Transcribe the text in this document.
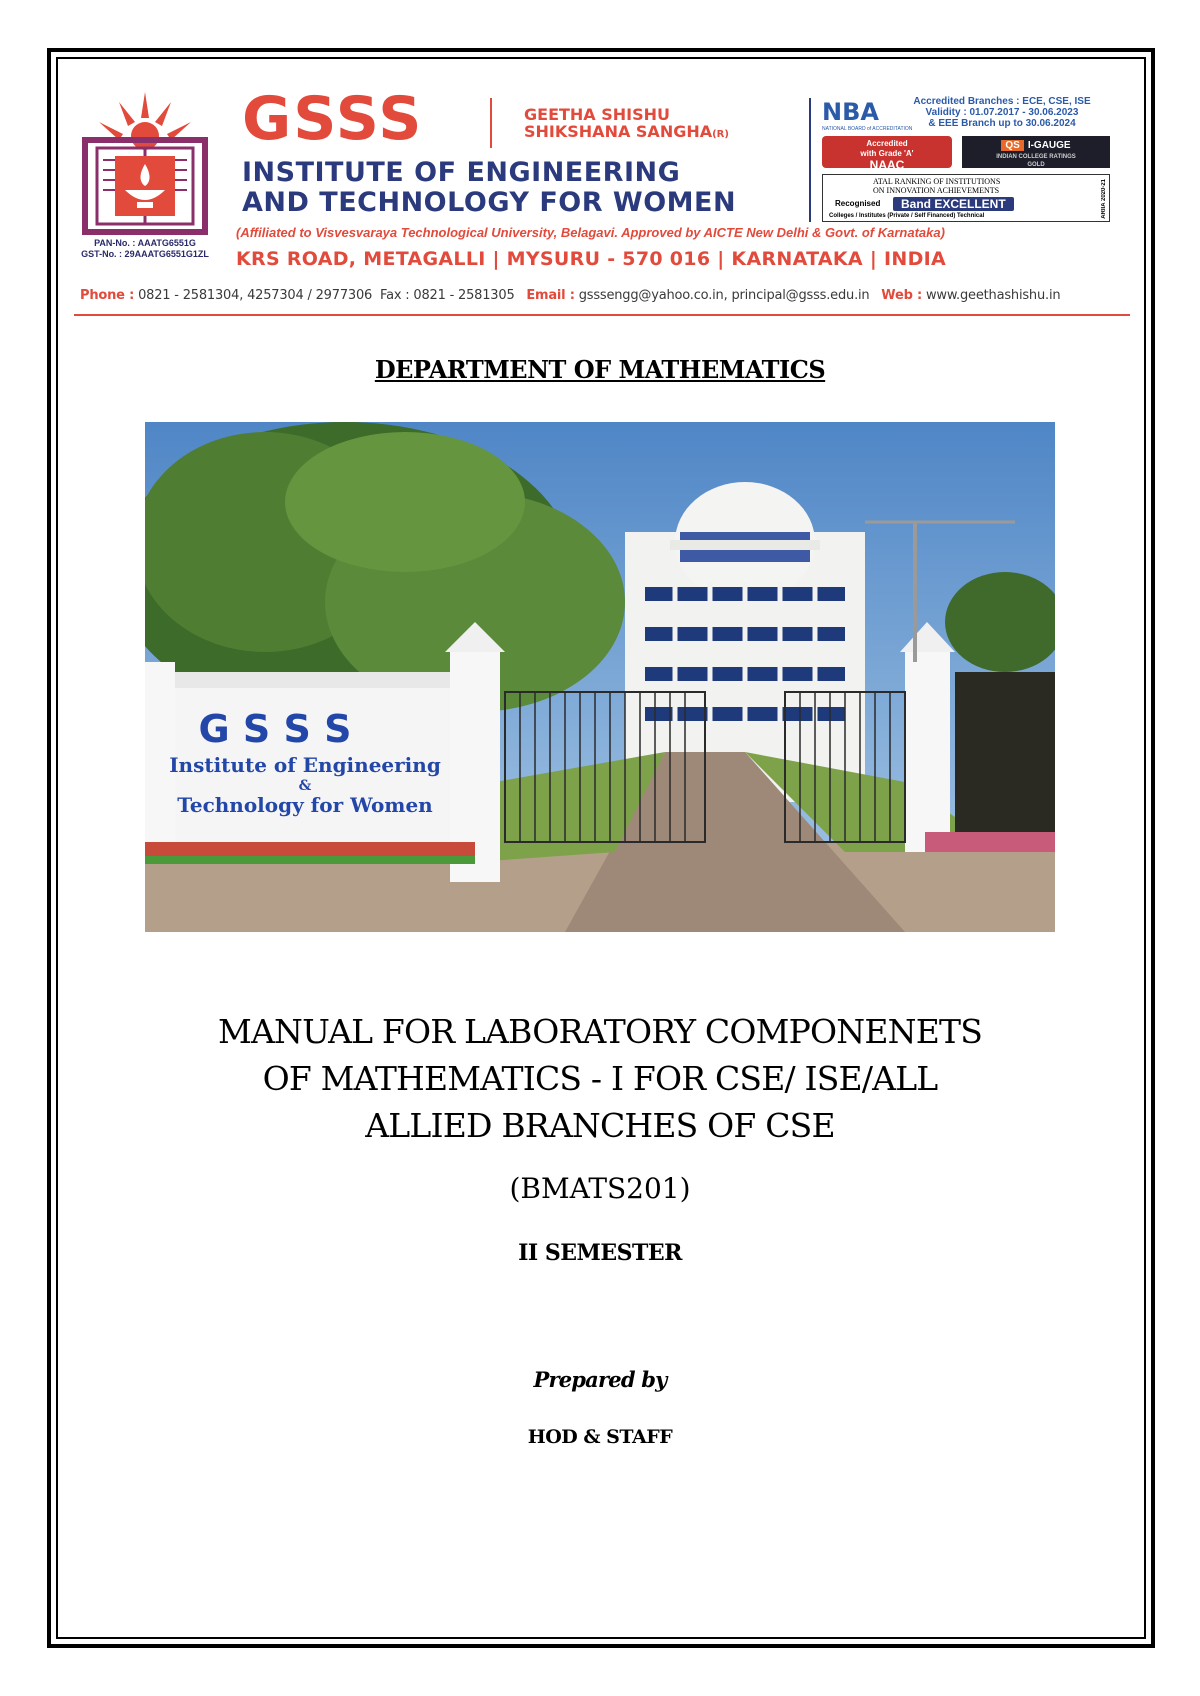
PAN-No. : AAATG6551G
GST-No. : 29AAATG6551G1ZL
GSSS	GEETHA SHISHU
SHIKSHANA SANGHA(R)
INSTITUTE OF ENGINEERING
AND TECHNOLOGY FOR WOMEN
(Affiliated to Visvesvaraya Technological University, Belagavi. Approved by AICTE New Delhi & Govt. of Karnataka)
KRS ROAD, METAGALLI | MYSURU - 570 016 | KARNATAKA | INDIA
NBA
NATIONAL BOARD of ACCREDITATION
Accredited Branches : ECE, CSE, ISE
Validity : 01.07.2017 - 30.06.2023
& EEE Branch up to 30.06.2024
Accredited
with Grade 'A'
NAAC
QS I-GAUGE
INDIAN COLLEGE RATINGS
GOLD
ATAL RANKING OF INSTITUTIONS
ON INNOVATION ACHIEVEMENTS
Recognised	Band EXCELLENT
Colleges / Institutes (Private / Self Financed) Technical	ARIIA 2020-21
Phone : 0821 - 2581304, 4257304 / 2977306 Fax : 0821 - 2581305 Email : gsssengg@yahoo.co.in, principal@gsss.edu.in Web : www.geethashishu.in
DEPARTMENT OF MATHEMATICS
G S S S
Institute of Engineering
&
Technology for Women
MANUAL FOR LABORATORY COMPONENETS
OF MATHEMATICS - I FOR CSE/ ISE/ALL
ALLIED BRANCHES OF CSE
(BMATS201)
II SEMESTER
Prepared by
HOD & STAFF
